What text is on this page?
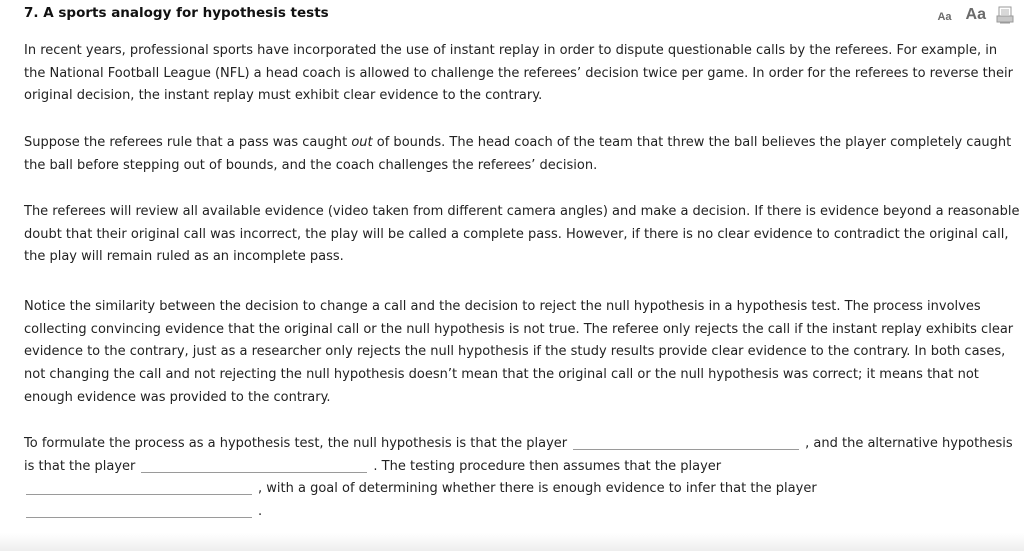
7. A sports analogy for hypothesis tests	Aa Aa

In recent years, professional sports have incorporated the use of instant replay in order to dispute questionable calls by the referees. For example, in the National Football League (NFL) a head coach is allowed to challenge the referees’ decision twice per game. In order for the referees to reverse their original decision, the instant replay must exhibit clear evidence to the contrary.

Suppose the referees rule that a pass was caught out of bounds. The head coach of the team that threw the ball believes the player completely caught the ball before stepping out of bounds, and the coach challenges the referees’ decision.

The referees will review all available evidence (video taken from different camera angles) and make a decision. If there is evidence beyond a reasonable doubt that their original call was incorrect, the play will be called a complete pass. However, if there is no clear evidence to contradict the original call, the play will remain ruled as an incomplete pass.

Notice the similarity between the decision to change a call and the decision to reject the null hypothesis in a hypothesis test. The process involves collecting convincing evidence that the original call or the null hypothesis is not true. The referee only rejects the call if the instant replay exhibits clear evidence to the contrary, just as a researcher only rejects the null hypothesis if the study results provide clear evidence to the contrary. In both cases, not changing the call and not rejecting the null hypothesis doesn’t mean that the original call or the null hypothesis was correct; it means that not enough evidence was provided to the contrary.

To formulate the process as a hypothesis test, the null hypothesis is that the player	, and the alternative hypothesis is that the player	. The testing procedure then assumes that the player
, with a goal of determining whether there is enough evidence to infer that the player
.
